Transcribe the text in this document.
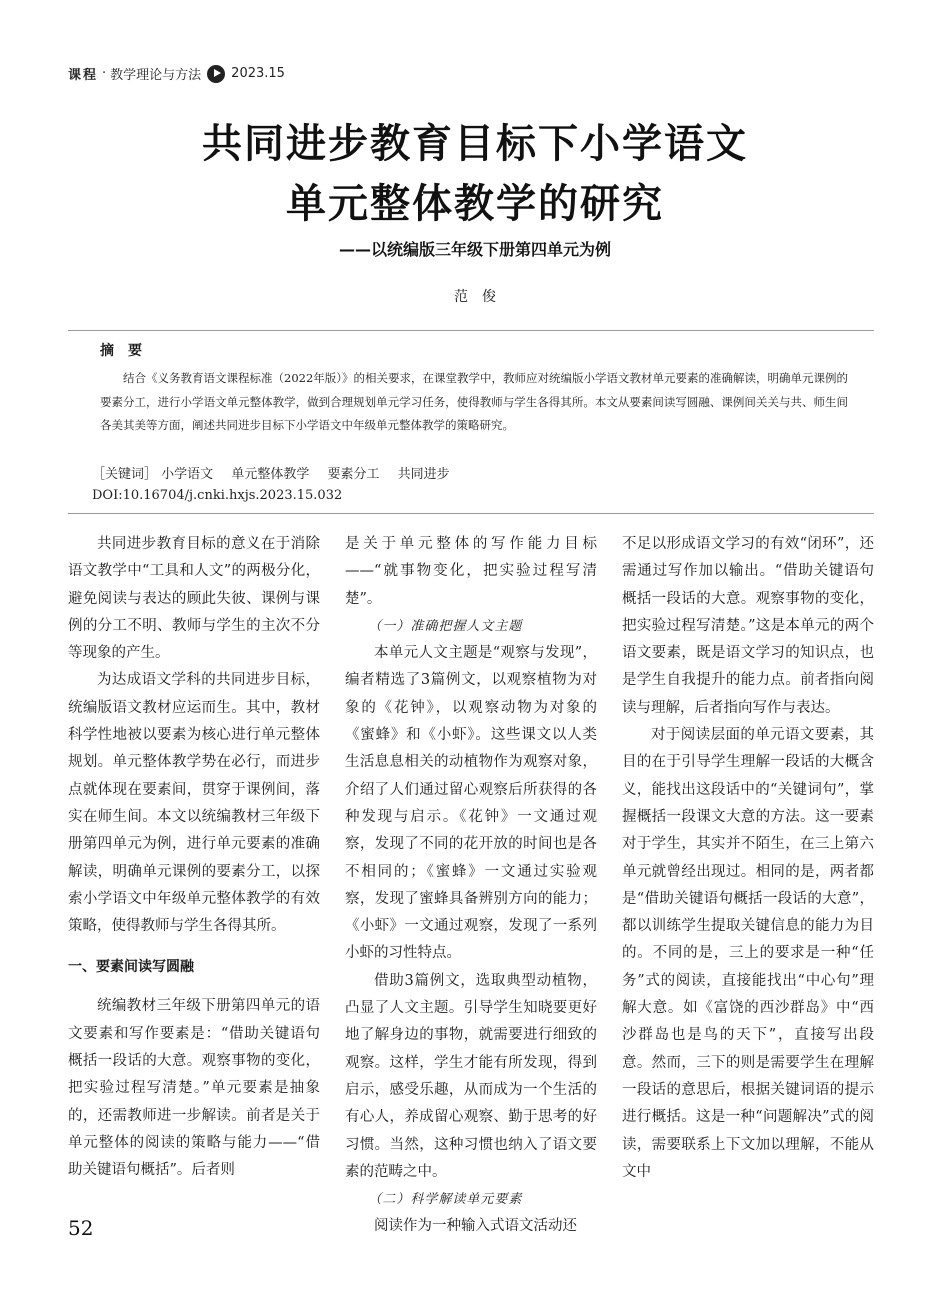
课程 · 教学理论与方法 2023.15
共同进步教育目标下小学语文
单元整体教学的研究
——以统编版三年级下册第四单元为例
范俊
摘要
结合《义务教育语文课程标准（2022年版）》的相关要求，在课堂教学中，教师应对统编版小学语文教材单元要素的准确解读，明确单元课例的要素分工，进行小学语文单元整体教学，做到合理规划单元学习任务，使得教师与学生各得其所。本文从要素间读写圆融、课例间关关与共、师生间各美其美等方面，阐述共同进步目标下小学语文中年级单元整体教学的策略研究。
［关键词］ 小学语文 单元整体教学 要素分工 共同进步
DOI:10.16704/j.cnki.hxjs.2023.15.032

共同进步教育目标的意义在于消除语文教学中“工具和人文”的两极分化，避免阅读与表达的顾此失彼、课例与课例的分工不明、教师与学生的主次不分等现象的产生。

为达成语文学科的共同进步目标，统编版语文教材应运而生。其中，教材科学性地被以要素为核心进行单元整体规划。单元整体教学势在必行，而进步点就体现在要素间，贯穿于课例间，落实在师生间。本文以统编教材三年级下册第四单元为例，进行单元要素的准确解读，明确单元课例的要素分工，以探索小学语文中年级单元整体教学的有效策略，使得教师与学生各得其所。

一、要素间读写圆融

统编教材三年级下册第四单元的语文要素和写作要素是：“借助关键语句概括一段话的大意。观察事物的变化，把实验过程写清楚。”单元要素是抽象的，还需教师进一步解读。前者是关于单元整体的阅读的策略与能力——“借助关键语句概括”。后者则

是关于单元整体的写作能力目标——“就事物变化，把实验过程写清楚”。

（一）准确把握人文主题

本单元人文主题是“观察与发现”，编者精选了3篇例文，以观察植物为对象的《花钟》，以观察动物为对象的《蜜蜂》和《小虾》。这些课文以人类生活息息相关的动植物作为观察对象，介绍了人们通过留心观察后所获得的各种发现与启示。《花钟》一文通过观察，发现了不同的花开放的时间也是各不相同的；《蜜蜂》一文通过实验观察，发现了蜜蜂具备辨别方向的能力；《小虾》一文通过观察，发现了一系列小虾的习性特点。

借助3篇例文，选取典型动植物，凸显了人文主题。引导学生知晓要更好地了解身边的事物，就需要进行细致的观察。这样，学生才能有所发现，得到启示，感受乐趣，从而成为一个生活的有心人，养成留心观察、勤于思考的好习惯。当然，这种习惯也纳入了语文要素的范畴之中。

（二）科学解读单元要素

阅读作为一种输入式语文活动还

不足以形成语文学习的有效“闭环”，还需通过写作加以输出。“借助关键语句概括一段话的大意。观察事物的变化，把实验过程写清楚。”这是本单元的两个语文要素，既是语文学习的知识点，也是学生自我提升的能力点。前者指向阅读与理解，后者指向写作与表达。

对于阅读层面的单元语文要素，其目的在于引导学生理解一段话的大概含义，能找出这段话中的“关键词句”，掌握概括一段课文大意的方法。这一要素对于学生，其实并不陌生，在三上第六单元就曾经出现过。相同的是，两者都是“借助关键语句概括一段话的大意”，都以训练学生提取关键信息的能力为目的。不同的是，三上的要求是一种“任务”式的阅读，直接能找出“中心句”理解大意。如《富饶的西沙群岛》中“西沙群岛也是鸟的天下”，直接写出段意。然而，三下的则是需要学生在理解一段话的意思后，根据关键词语的提示进行概括。这是一种“问题解决”式的阅读，需要联系上下文加以理解，不能从文中

52
